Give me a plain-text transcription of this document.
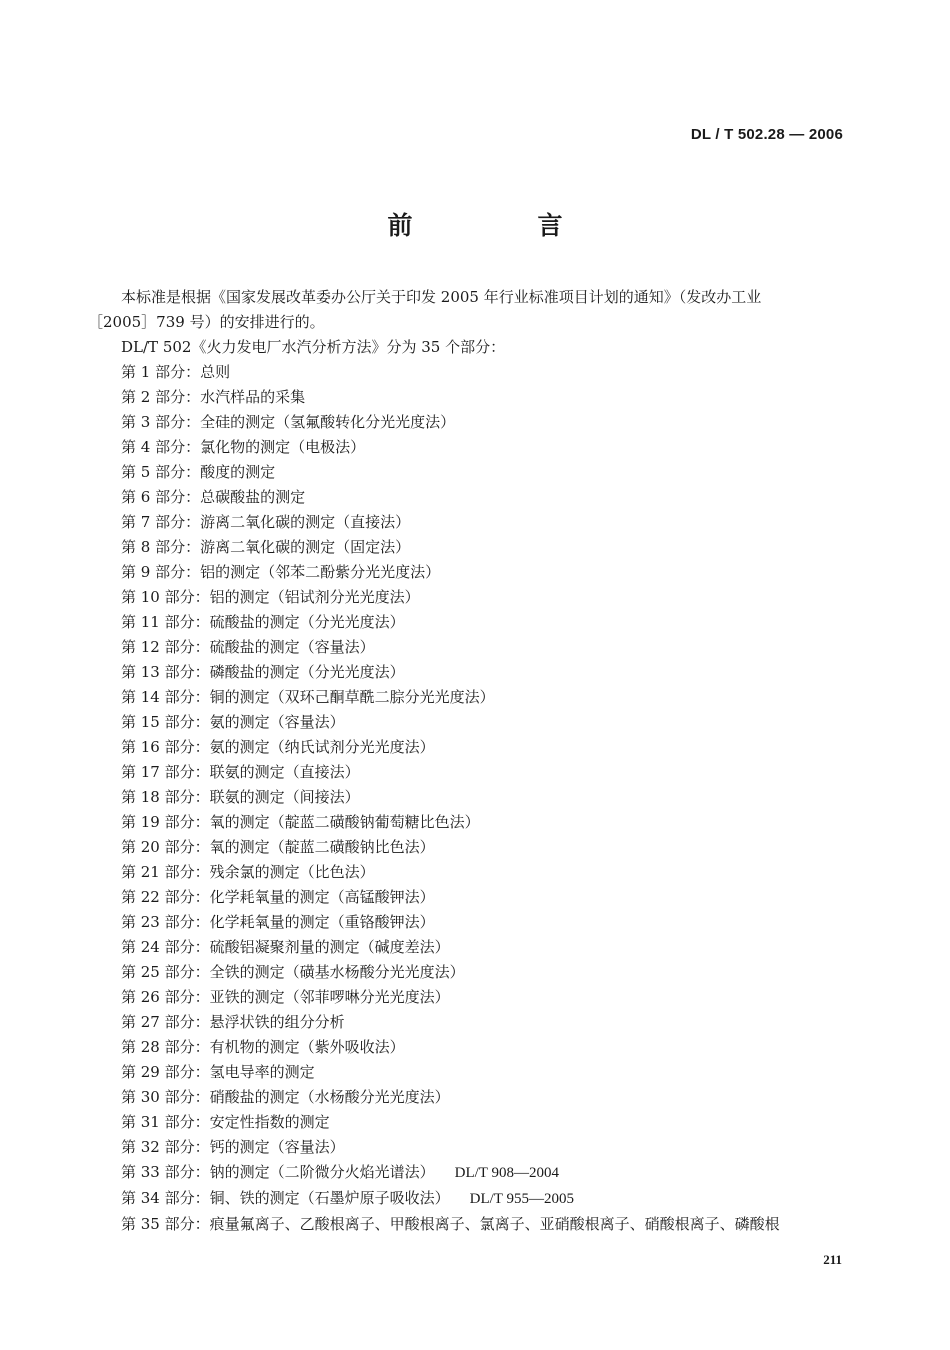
DL / T 502.28 — 2006
前　言

本标准是根据《国家发展改革委办公厅关于印发 2005 年行业标准项目计划的通知》（发改办工业

［2005］739 号）的安排进行的。

DL/T 502《火力发电厂水汽分析方法》分为 35 个部分：

第 1 部分：总则
第 2 部分：水汽样品的采集
第 3 部分：全硅的测定（氢氟酸转化分光光度法）
第 4 部分：氯化物的测定（电极法）
第 5 部分：酸度的测定
第 6 部分：总碳酸盐的测定
第 7 部分：游离二氧化碳的测定（直接法）
第 8 部分：游离二氧化碳的测定（固定法）
第 9 部分：铝的测定（邻苯二酚紫分光光度法）
第 10 部分：铝的测定（铝试剂分光光度法）
第 11 部分：硫酸盐的测定（分光光度法）
第 12 部分：硫酸盐的测定（容量法）
第 13 部分：磷酸盐的测定（分光光度法）
第 14 部分：铜的测定（双环己酮草酰二腙分光光度法）
第 15 部分：氨的测定（容量法）
第 16 部分：氨的测定（纳氏试剂分光光度法）
第 17 部分：联氨的测定（直接法）
第 18 部分：联氨的测定（间接法）
第 19 部分：氧的测定（靛蓝二磺酸钠葡萄糖比色法）
第 20 部分：氧的测定（靛蓝二磺酸钠比色法）
第 21 部分：残余氯的测定（比色法）
第 22 部分：化学耗氧量的测定（高锰酸钾法）
第 23 部分：化学耗氧量的测定（重铬酸钾法）
第 24 部分：硫酸铝凝聚剂量的测定（碱度差法）
第 25 部分：全铁的测定（磺基水杨酸分光光度法）
第 26 部分：亚铁的测定（邻菲啰啉分光光度法）
第 27 部分：悬浮状铁的组分分析
第 28 部分：有机物的测定（紫外吸收法）
第 29 部分：氢电导率的测定
第 30 部分：硝酸盐的测定（水杨酸分光光度法）
第 31 部分：安定性指数的测定
第 32 部分：钙的测定（容量法）
第 33 部分：钠的测定（二阶微分火焰光谱法） DL/T 908—2004
第 34 部分：铜、铁的测定（石墨炉原子吸收法） DL/T 955—2005
第 35 部分：痕量氟离子、乙酸根离子、甲酸根离子、氯离子、亚硝酸根离子、硝酸根离子、磷酸根
211
